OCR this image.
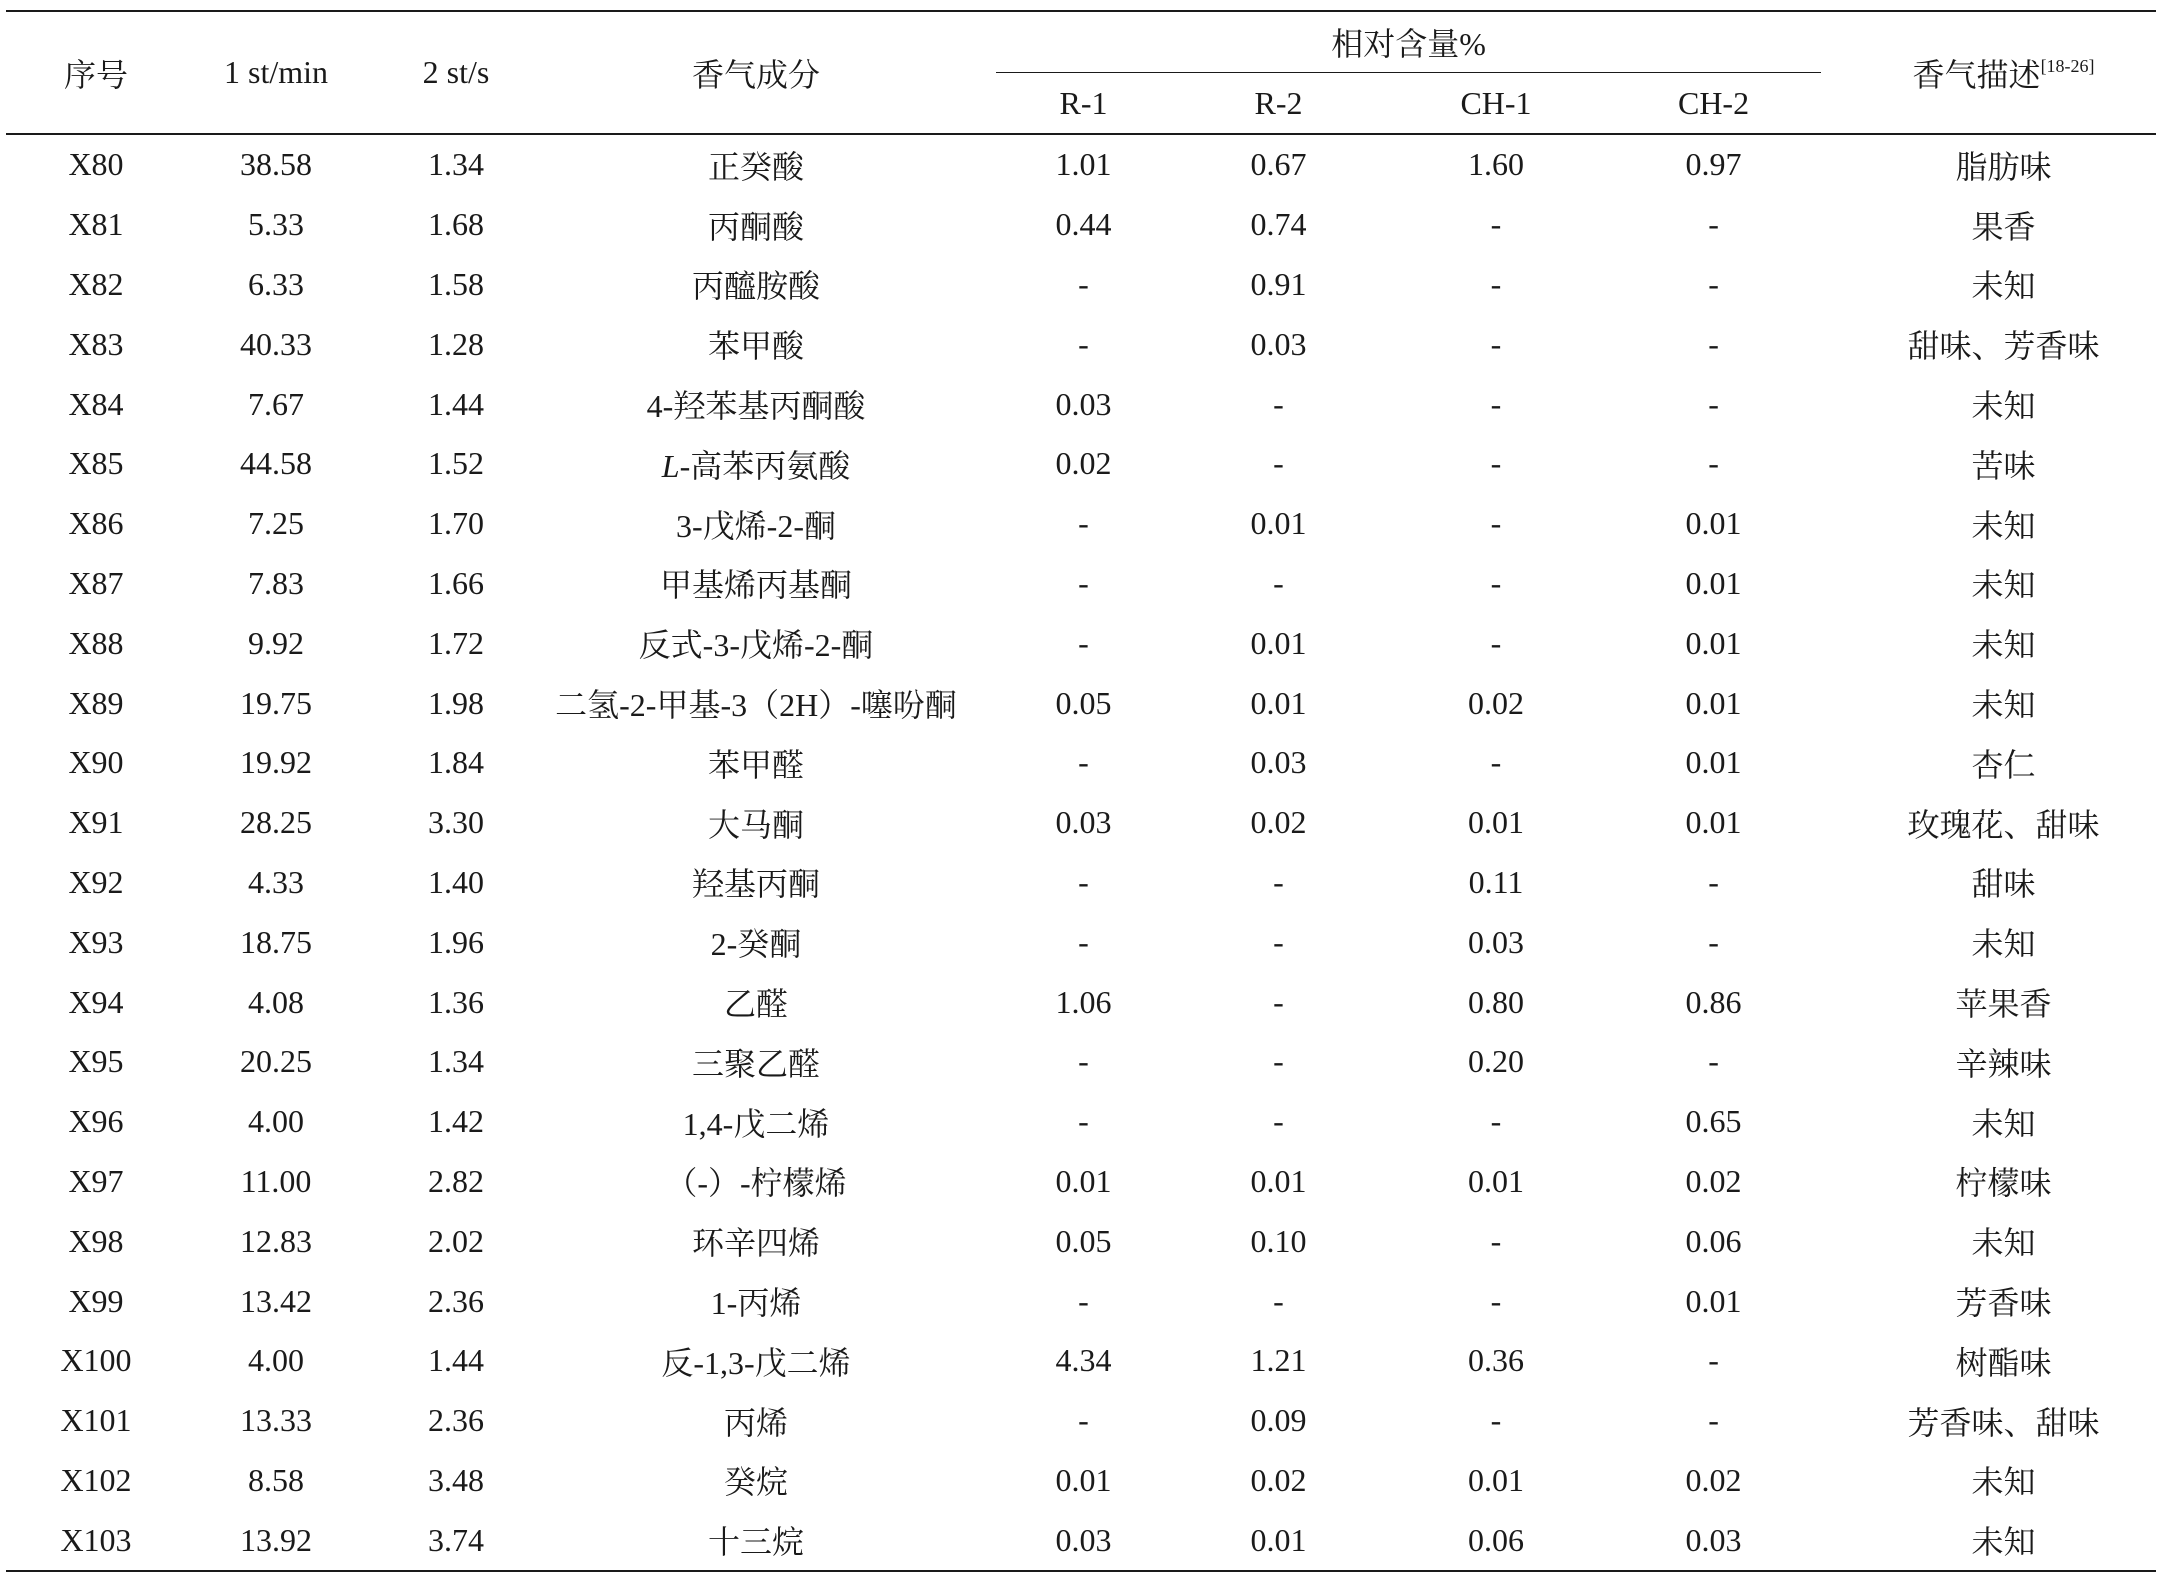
序号	1 st/min	2 st/s	香气成分		相对含量%					香气描述[18-26]
					R-1	R-2	CH-1	CH-2		
X80	38.58	1.34	正癸酸		1.01	0.67	1.60	0.97		脂肪味
X81	5.33	1.68	丙酮酸		0.44	0.74	-	-		果香
X82	6.33	1.58	丙醯胺酸		-	0.91	-	-		未知
X83	40.33	1.28	苯甲酸		-	0.03	-	-		甜味、芳香味
X84	7.67	1.44	4-羟苯基丙酮酸		0.03	-	-	-		未知
X85	44.58	1.52	L-高苯丙氨酸		0.02	-	-	-		苦味
X86	7.25	1.70	3-戊烯-2-酮		-	0.01	-	0.01		未知
X87	7.83	1.66	甲基烯丙基酮		-	-	-	0.01		未知
X88	9.92	1.72	反式-3-戊烯-2-酮		-	0.01	-	0.01		未知
X89	19.75	1.98	二氢-2-甲基-3（2H）-噻吩酮		0.05	0.01	0.02	0.01		未知
X90	19.92	1.84	苯甲醛		-	0.03	-	0.01		杏仁
X91	28.25	3.30	大马酮		0.03	0.02	0.01	0.01		玫瑰花、甜味
X92	4.33	1.40	羟基丙酮		-	-	0.11	-		甜味
X93	18.75	1.96	2-癸酮		-	-	0.03	-		未知
X94	4.08	1.36	乙醛		1.06	-	0.80	0.86		苹果香
X95	20.25	1.34	三聚乙醛		-	-	0.20	-		辛辣味
X96	4.00	1.42	1,4-戊二烯		-	-	-	0.65		未知
X97	11.00	2.82	（-）-柠檬烯		0.01	0.01	0.01	0.02		柠檬味
X98	12.83	2.02	环辛四烯		0.05	0.10	-	0.06		未知
X99	13.42	2.36	1-丙烯		-	-	-	0.01		芳香味
X100	4.00	1.44	反-1,3-戊二烯		4.34	1.21	0.36	-		树酯味
X101	13.33	2.36	丙烯		-	0.09	-	-		芳香味、甜味
X102	8.58	3.48	癸烷		0.01	0.02	0.01	0.02		未知
X103	13.92	3.74	十三烷		0.03	0.01	0.06	0.03		未知
